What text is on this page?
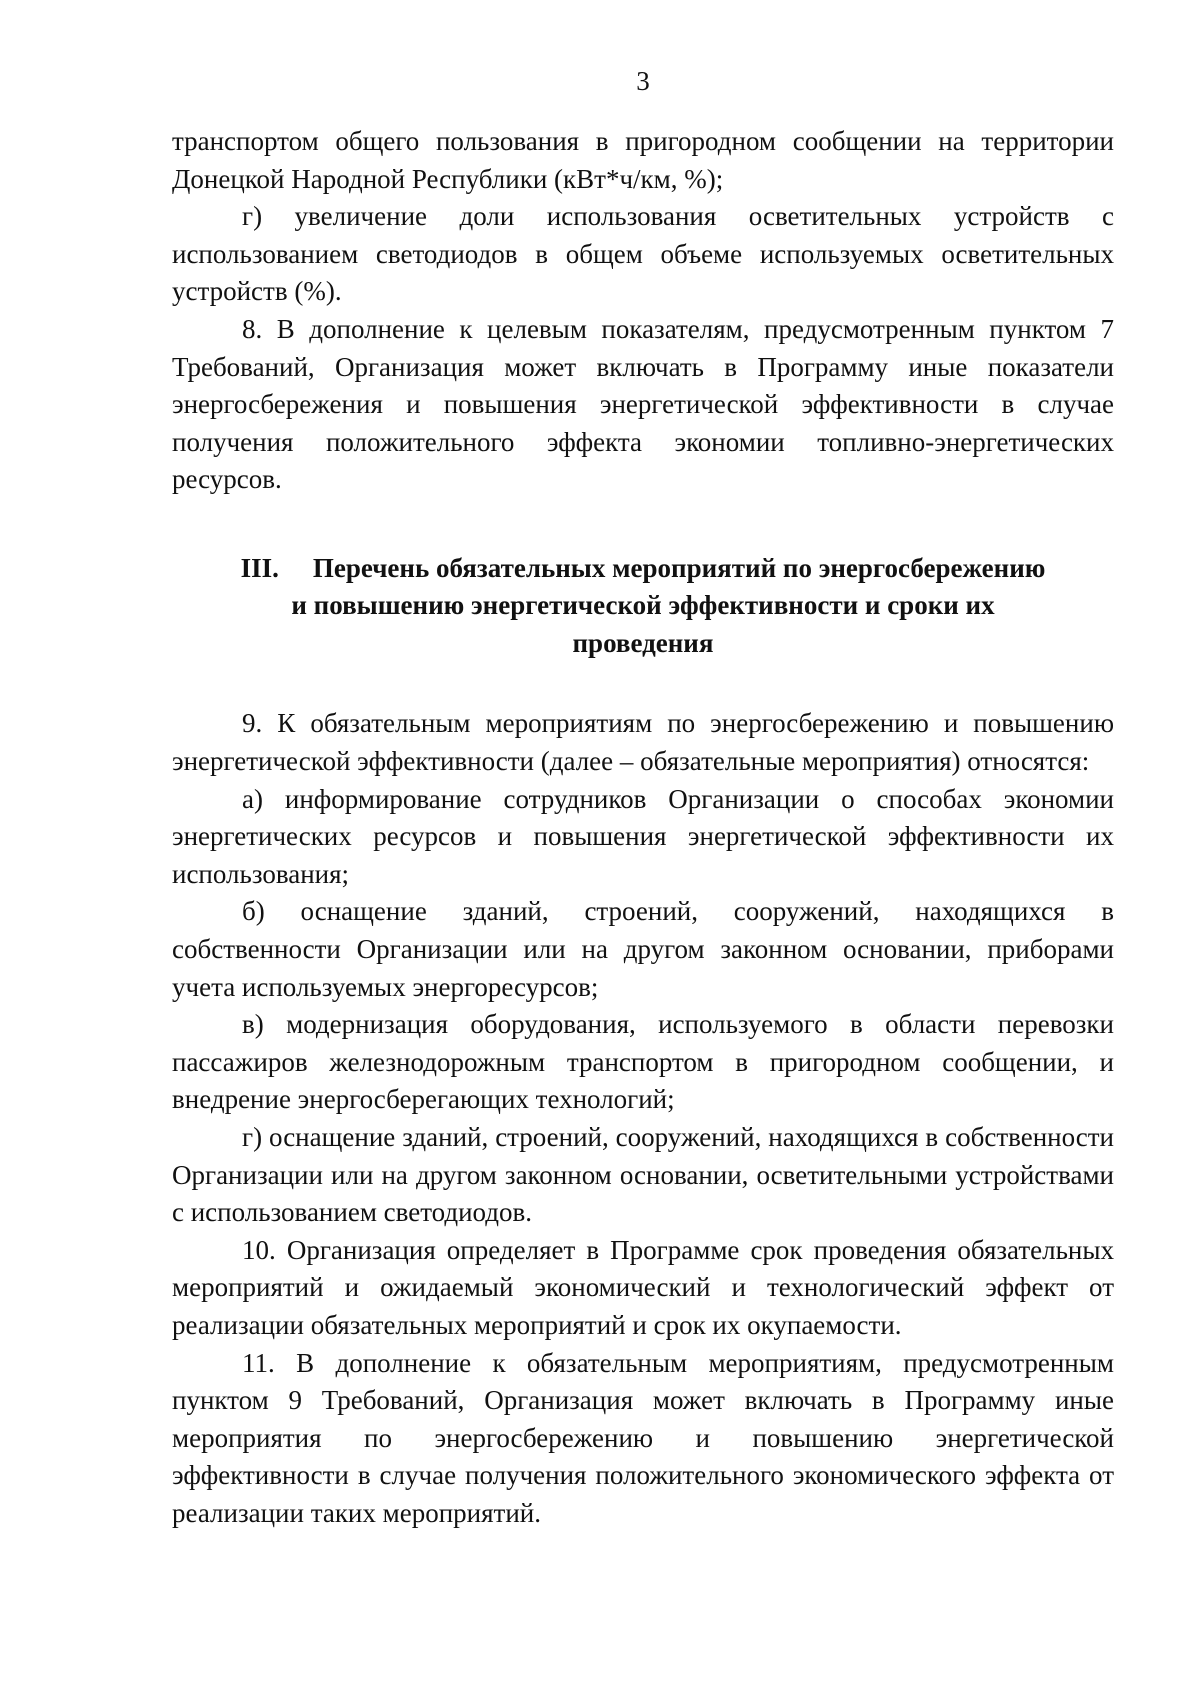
3

транспортом общего пользования в пригородном сообщении на территории Донецкой Народной Республики (кВт*ч/км, %);

г) увеличение доли использования осветительных устройств с использованием светодиодов в общем объеме используемых осветительных устройств (%).

8. В дополнение к целевым показателям, предусмотренным пунктом 7 Требований, Организация может включать в Программу иные показатели энергосбережения и повышения энергетической эффективности в случае получения положительного эффекта экономии топливно-энергетических ресурсов.

III. Перечень обязательных мероприятий по энергосбережению
и повышению энергетической эффективности и сроки их
проведения

9. К обязательным мероприятиям по энергосбережению и повышению энергетической эффективности (далее – обязательные мероприятия) относятся:

а) информирование сотрудников Организации о способах экономии энергетических ресурсов и повышения энергетической эффективности их использования;

б) оснащение зданий, строений, сооружений, находящихся в собственности Организации или на другом законном основании, приборами учета используемых энергоресурсов;

в) модернизация оборудования, используемого в области перевозки пассажиров железнодорожным транспортом в пригородном сообщении, и внедрение энергосберегающих технологий;

г) оснащение зданий, строений, сооружений, находящихся в собственности Организации или на другом законном основании, осветительными устройствами с использованием светодиодов.

10. Организация определяет в Программе срок проведения обязательных мероприятий и ожидаемый экономический и технологический эффект от реализации обязательных мероприятий и срок их окупаемости.

11. В дополнение к обязательным мероприятиям, предусмотренным пунктом 9 Требований, Организация может включать в Программу иные мероприятия по энергосбережению и повышению энергетической эффективности в случае получения положительного экономического эффекта от реализации таких мероприятий.
